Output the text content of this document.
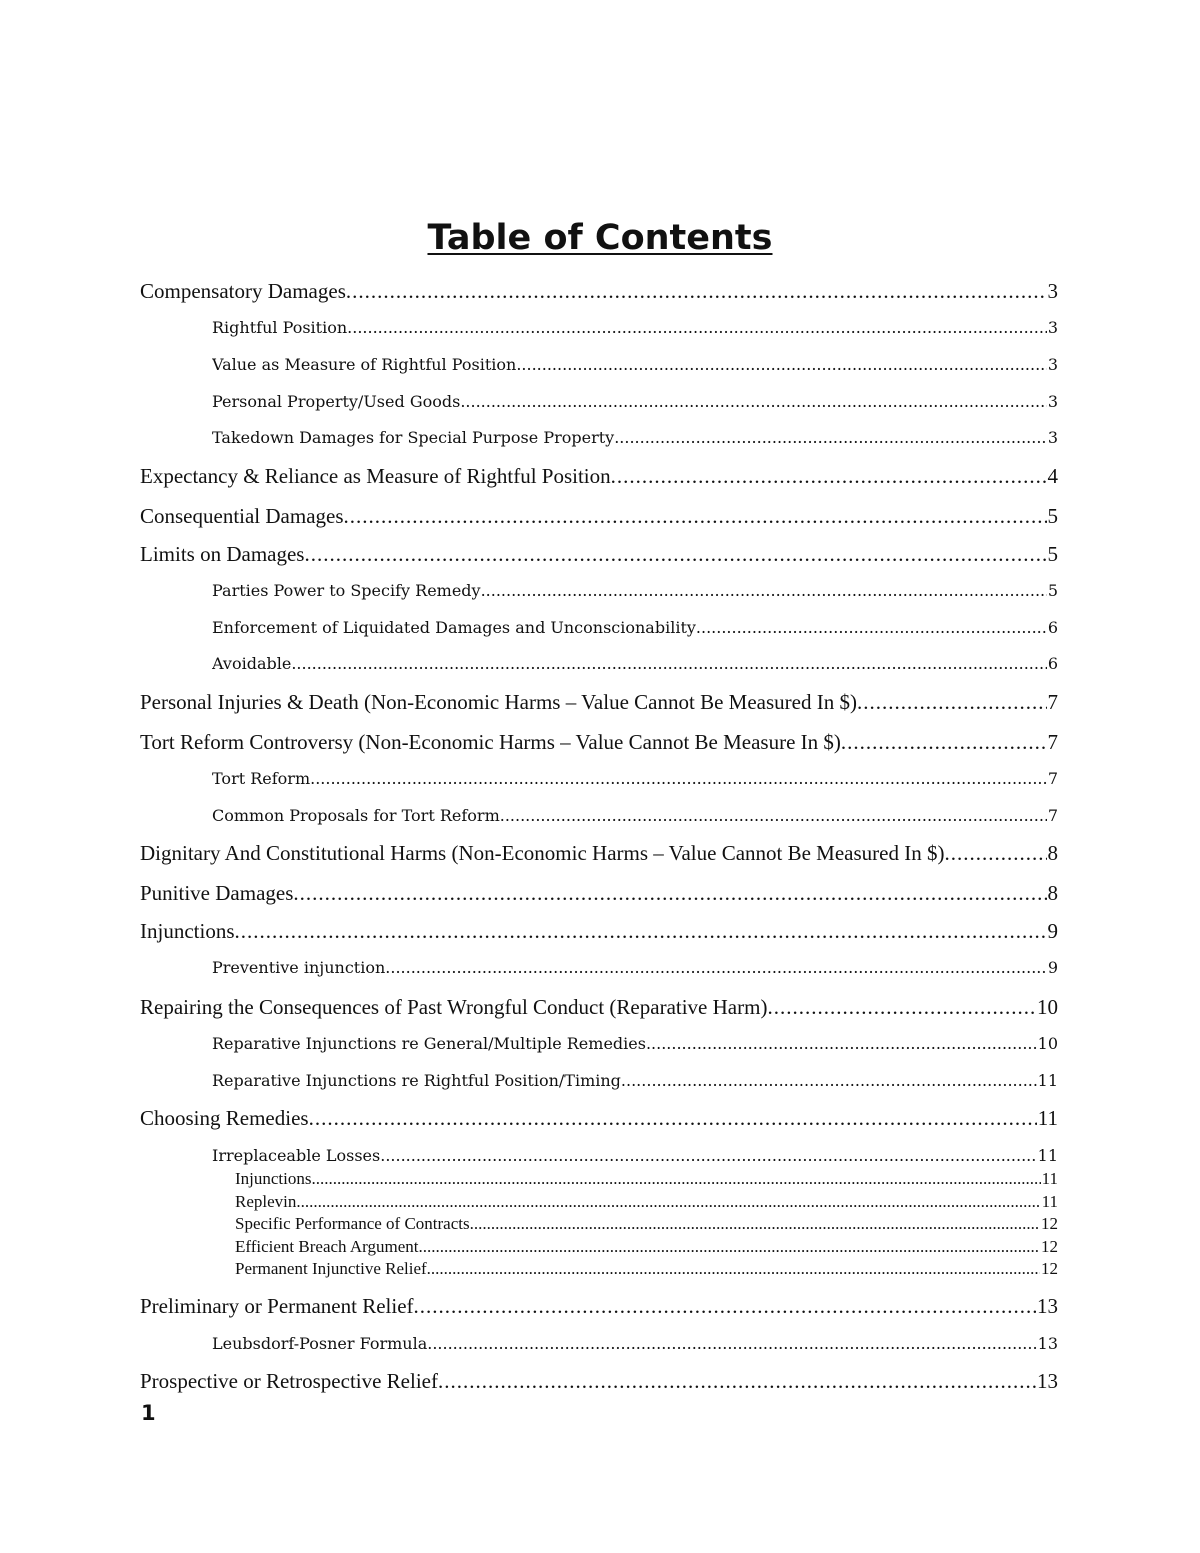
Table of Contents
Compensatory Damages .....	3
Rightful Position .....	3
Value as Measure of Rightful Position .....	3
Personal Property/Used Goods .....	3
Takedown Damages for Special Purpose Property .....	3
Expectancy & Reliance as Measure of Rightful Position .....	4
Consequential Damages .....	5
Limits on Damages .....	5
Parties Power to Specify Remedy .....	5
Enforcement of Liquidated Damages and Unconscionability .....	6
Avoidable .....	6
Personal Injuries & Death (Non-Economic Harms – Value Cannot Be Measured In $) .....	7
Tort Reform Controversy (Non-Economic Harms – Value Cannot Be Measure In $) .....	7
Tort Reform .....	7
Common Proposals for Tort Reform .....	7
Dignitary And Constitutional Harms (Non-Economic Harms – Value Cannot Be Measured In $) .....	8
Punitive Damages .....	8
Injunctions .....	9
Preventive injunction .....	9
Repairing the Consequences of Past Wrongful Conduct (Reparative Harm) .....	10
Reparative Injunctions re General/Multiple Remedies .....	10
Reparative Injunctions re Rightful Position/Timing .....	11
Choosing Remedies .....	11
Irreplaceable Losses .....	11
Injunctions .....	11
Replevin .....	11
Specific Performance of Contracts .....	12
Efficient Breach Argument .....	12
Permanent Injunctive Relief .....	12
Preliminary or Permanent Relief .....	13
Leubsdorf-Posner Formula .....	13
Prospective or Retrospective Relief .....	13
1
